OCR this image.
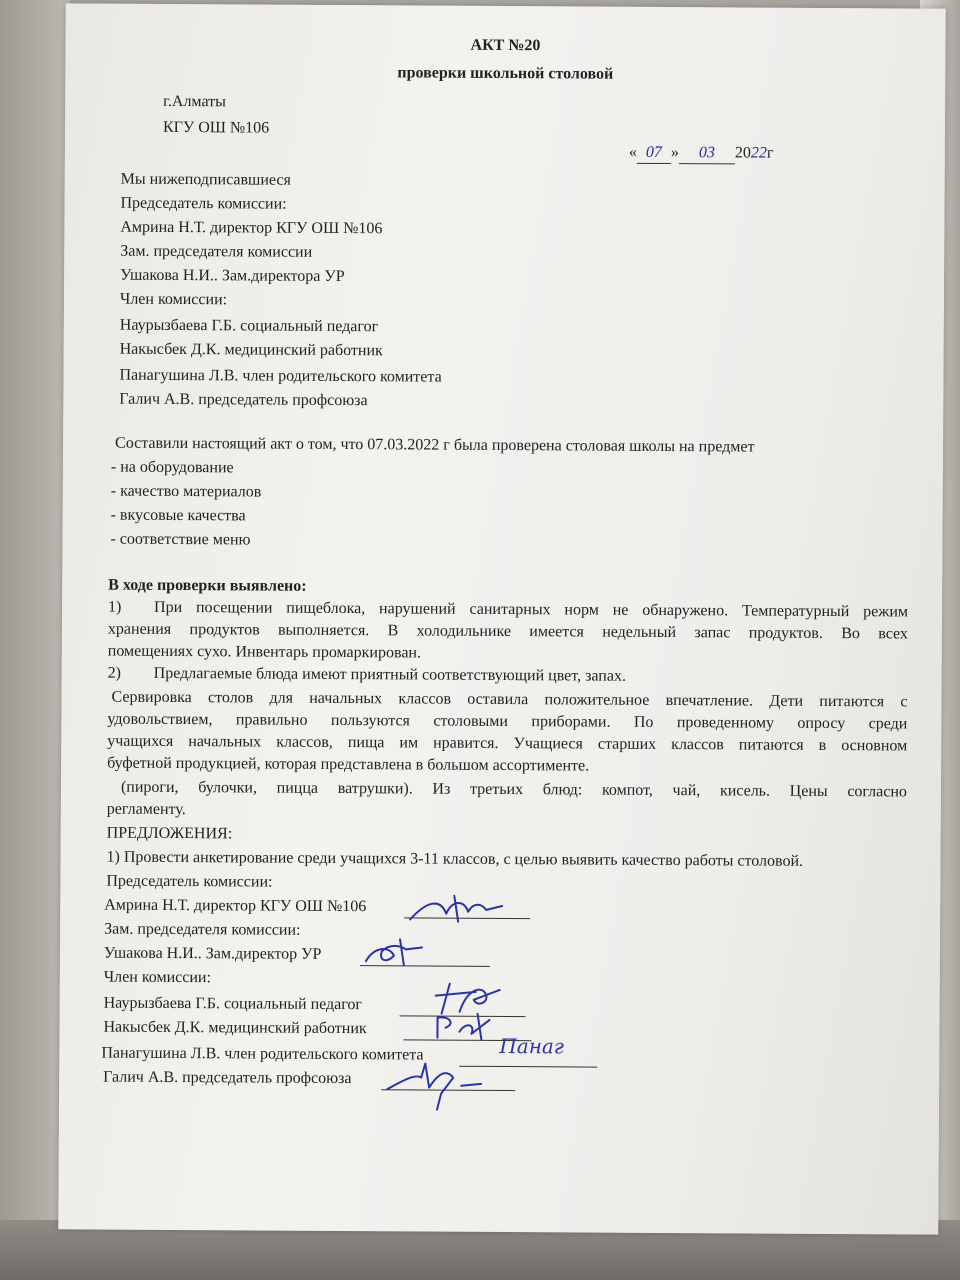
АКТ №20
проверки школьной столовой
г.Алматы
КГУ ОШ №106
« 07 » 03 2022г
Мы нижеподписавшиеся
Председатель комиссии:
Амрина Н.Т. директор КГУ ОШ №106
Зам. председателя комиссии
Ушакова Н.И.. Зам.директора УР
Член комиссии:
Наурызбаева Г.Б. социальный педагог
Накысбек Д.К. медицинский работник
Панагушина Л.В. член родительского комитета
Галич А.В. председатель профсоюза
Составили настоящий акт о том, что 07.03.2022 г была проверена столовая школы на предмет
- на оборудование
- качество материалов
- вкусовые качества
- соответствие меню
В ходе проверки выявлено:
1) При посещении пищеблока, нарушений санитарных норм не обнаружено. Температурный режим
хранения продуктов выполняется. В холодильнике имеется недельный запас продуктов. Во всех
помещениях сухо. Инвентарь промаркирован.
2) Предлагаемые блюда имеют приятный соответствующий цвет, запах.
Сервировка столов для начальных классов оставила положительное впечатление. Дети питаются с
удовольствием, правильно пользуются столовыми приборами. По проведенному опросу среди
учащихся начальных классов, пища им нравится. Учащиеся старших классов питаются в основном
буфетной продукцией, которая представлена в большом ассортименте.
(пироги, булочки, пицца ватрушки). Из третьих блюд: компот, чай, кисель. Цены согласно
регламенту.
ПРЕДЛОЖЕНИЯ:
1) Провести анкетирование среди учащихся 3-11 классов, с целью выявить качество работы столовой.
Председатель комиссии:
Амрина Н.Т. директор КГУ ОШ №106
Зам. председателя комиссии:
Ушакова Н.И.. Зам.директор УР
Член комиссии:
Наурызбаева Г.Б. социальный педагог
Накысбек Д.К. медицинский работник
Панагушина Л.В. член родительского комитета	Панаг
Галич А.В. председатель профсоюза
